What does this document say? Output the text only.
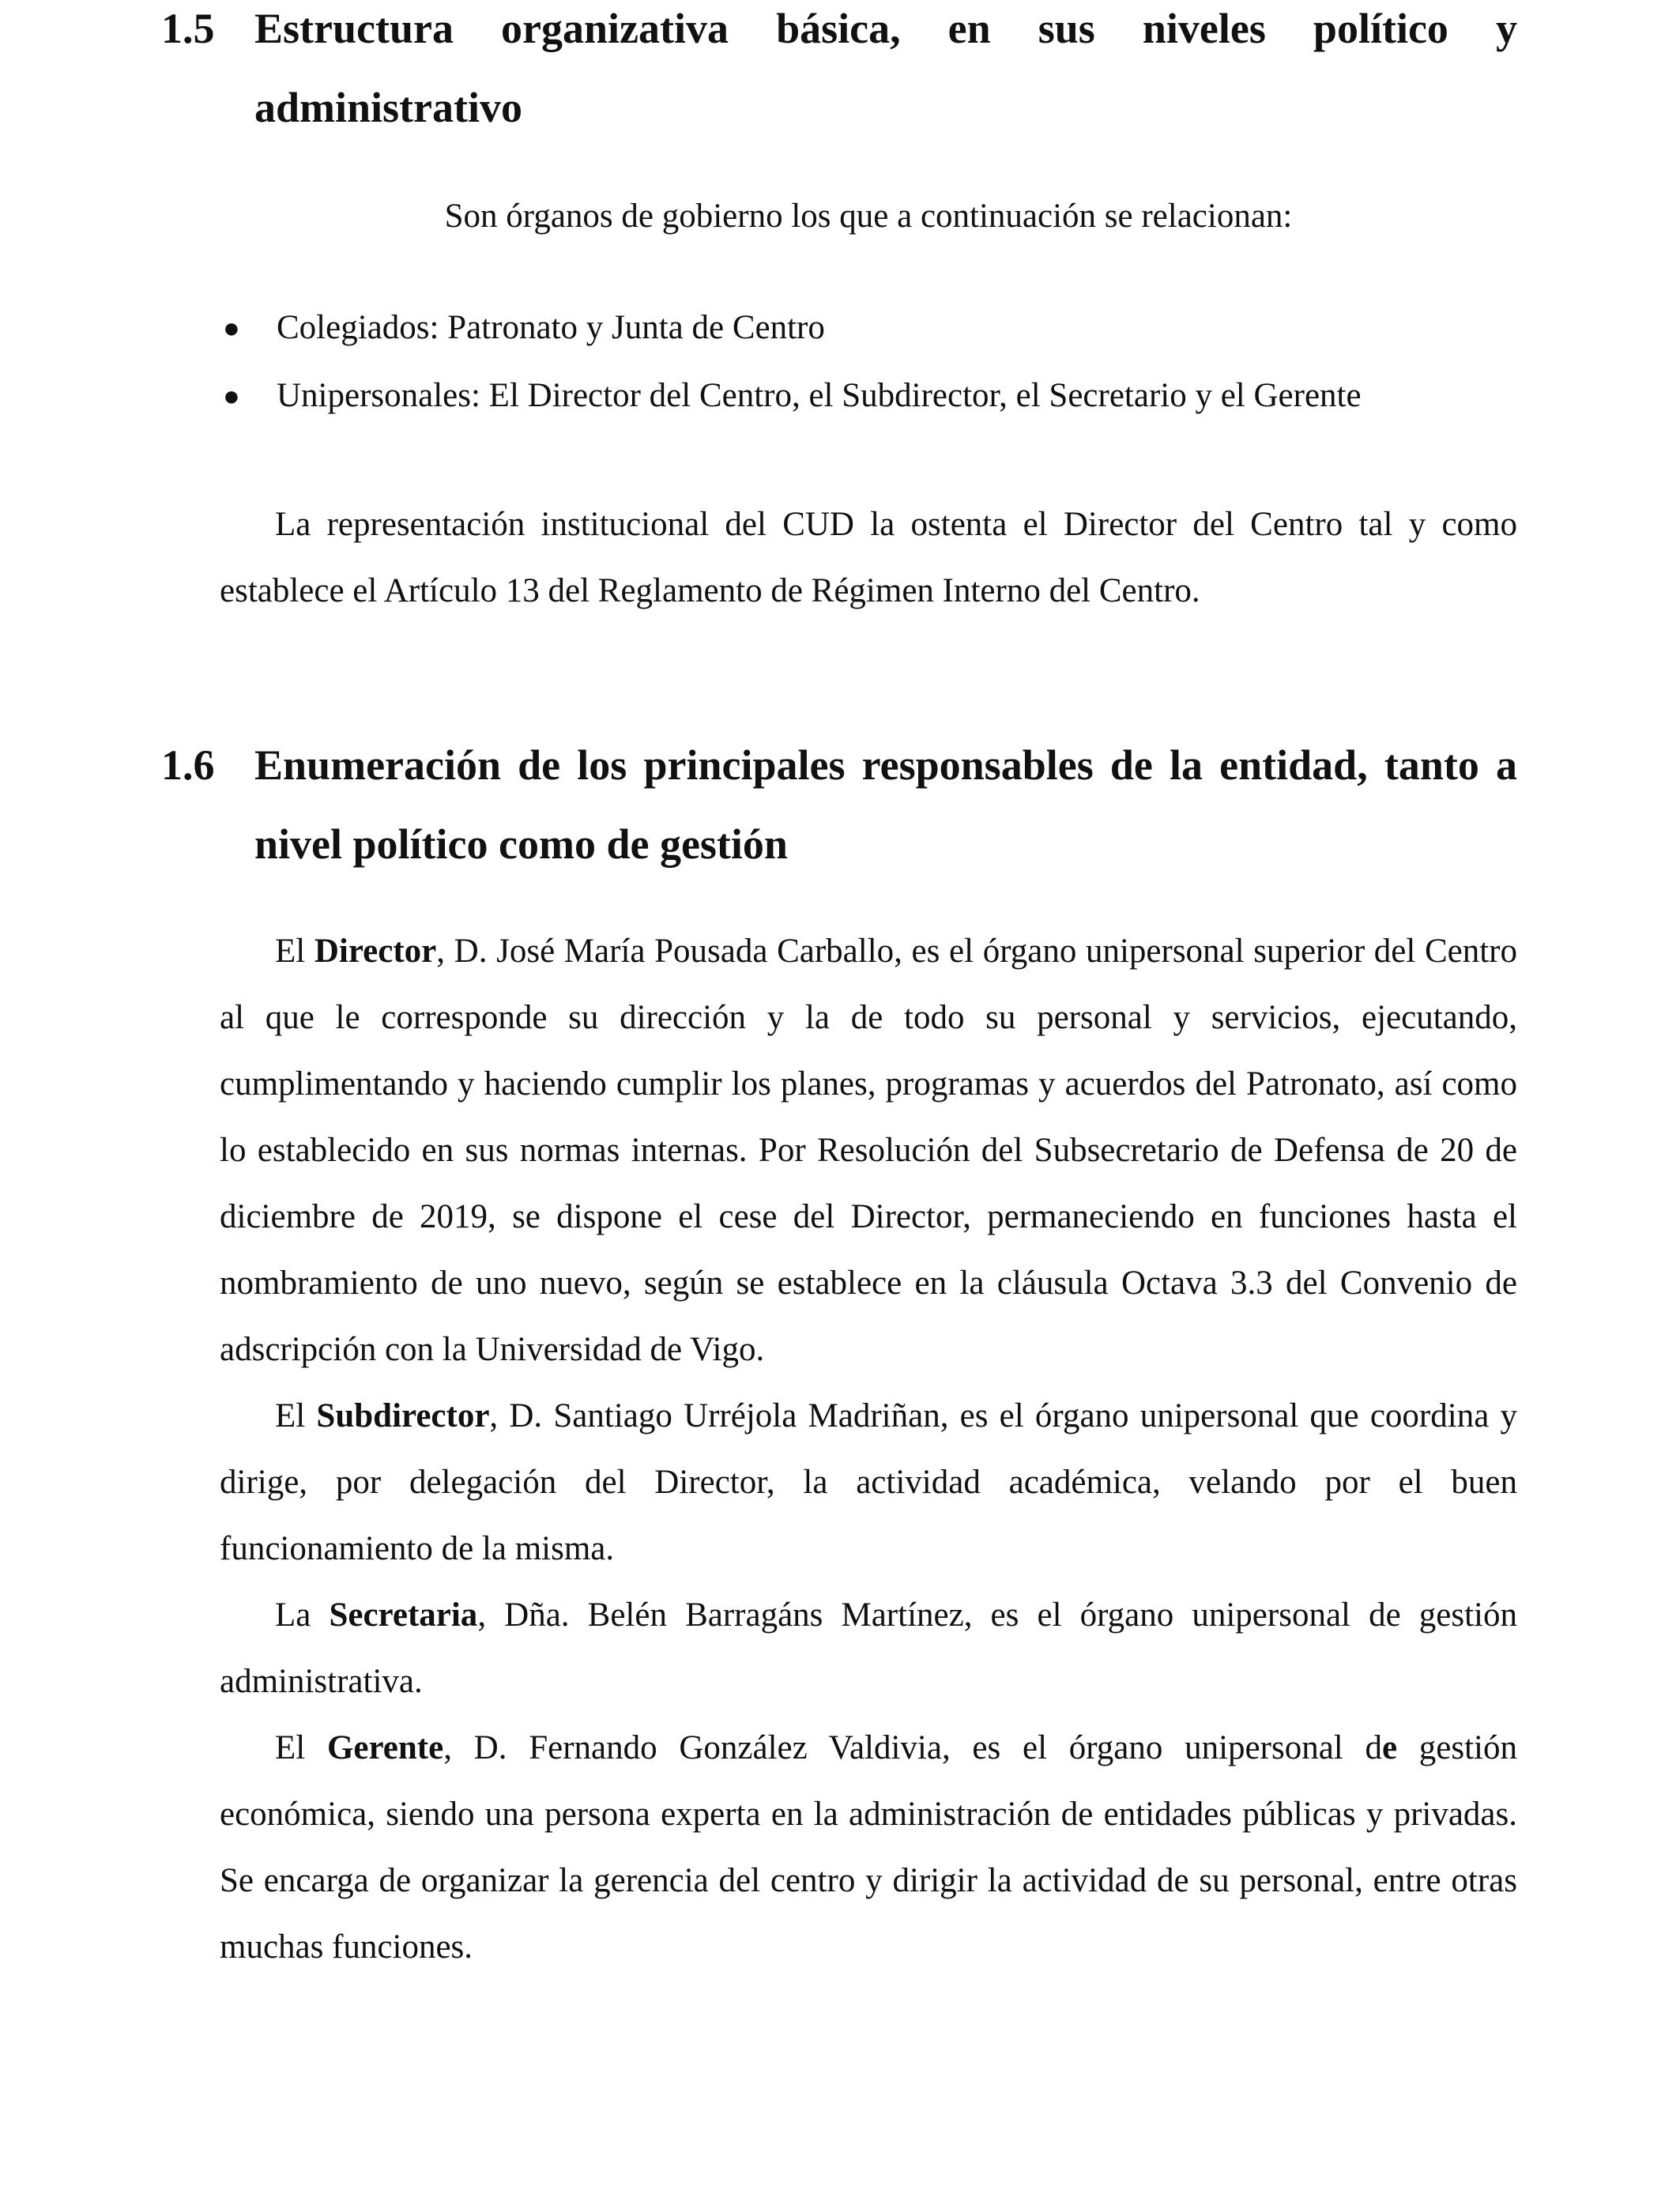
1.5 Estructura organizativa básica, en sus niveles político y administrativo
Son órganos de gobierno los que a continuación se relacionan:
● Colegiados: Patronato y Junta de Centro
● Unipersonales: El Director del Centro, el Subdirector, el Secretario y el Gerente

La representación institucional del CUD la ostenta el Director del Centro tal y como establece el Artículo 13 del Reglamento de Régimen Interno del Centro.

1.6 Enumeración de los principales responsables de la entidad, tanto a nivel político como de gestión

El Director, D. José María Pousada Carballo, es el órgano unipersonal superior del Centro al que le corresponde su dirección y la de todo su personal y servicios, ejecutando, cumplimentando y haciendo cumplir los planes, programas y acuerdos del Patronato, así como lo establecido en sus normas internas. Por Resolución del Subsecretario de Defensa de 20 de diciembre de 2019, se dispone el cese del Director, permaneciendo en funciones hasta el nombramiento de uno nuevo, según se establece en la cláusula Octava 3.3 del Convenio de adscripción con la Universidad de Vigo.

El Subdirector, D. Santiago Urréjola Madriñan, es el órgano unipersonal que coordina y dirige, por delegación del Director, la actividad académica, velando por el buen funcionamiento de la misma.

La Secretaria, Dña. Belén Barragáns Martínez, es el órgano unipersonal de gestión administrativa.

El Gerente, D. Fernando González Valdivia, es el órgano unipersonal de gestión económica, siendo una persona experta en la administración de entidades públicas y privadas. Se encarga de organizar la gerencia del centro y dirigir la actividad de su personal, entre otras muchas funciones.
